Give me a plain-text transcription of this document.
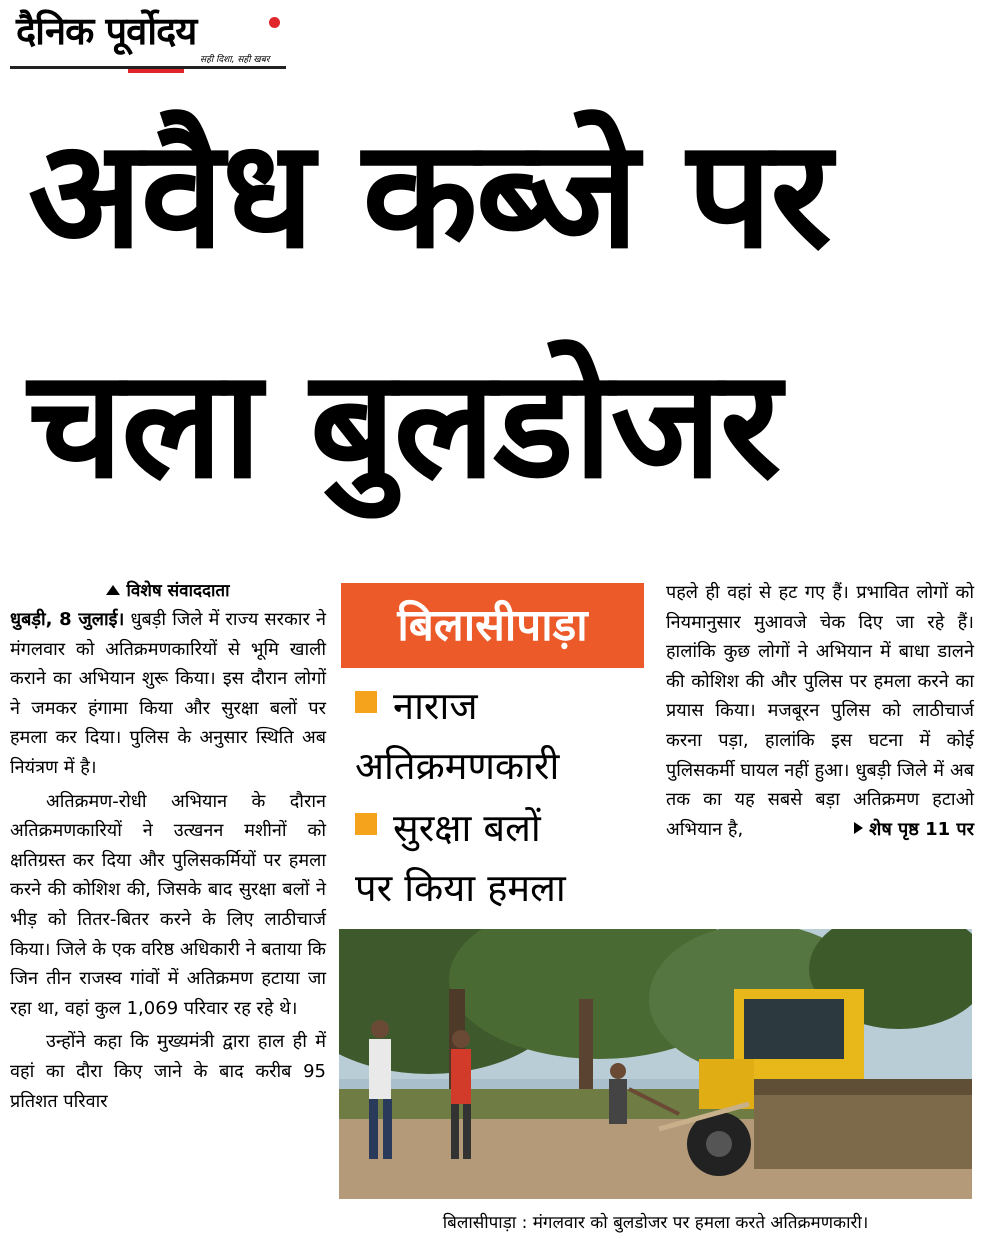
दैनिक पूर्वोदय
सही दिशा, सही खबर
अवैध कब्जे पर
चला बुलडोजर
विशेष संवाददाता

धुबड़ी, 8 जुलाई। धुबड़ी जिले में राज्य सरकार ने मंगलवार को अतिक्रमणकारियों से भूमि खाली कराने का अभियान शुरू किया। इस दौरान लोगों ने जमकर हंगामा किया और सुरक्षा बलों पर हमला कर दिया। पुलिस के अनुसार स्थिति अब नियंत्रण में है।

अतिक्रमण-रोधी अभियान के दौरान अतिक्रमणकारियों ने उत्खनन मशीनों को क्षतिग्रस्त कर दिया और पुलिसकर्मियों पर हमला करने की कोशिश की, जिसके बाद सुरक्षा बलों ने भीड़ को तितर-बितर करने के लिए लाठीचार्ज किया। जिले के एक वरिष्ठ अधिकारी ने बताया कि जिन तीन राजस्व गांवों में अतिक्रमण हटाया जा रहा था, वहां कुल 1,069 परिवार रह रहे थे।

उन्होंने कहा कि मुख्यमंत्री द्वारा हाल ही में वहां का दौरा किए जाने के बाद करीब 95 प्रतिशत परिवार

बिलासीपाड़ा
नाराज
अतिक्रमणकारी
सुरक्षा बलों
पर किया हमला

पहले ही वहां से हट गए हैं। प्रभावित लोगों को नियमानुसार मुआवजे चेक दिए जा रहे हैं। हालांकि कुछ लोगों ने अभियान में बाधा डालने की कोशिश की और पुलिस पर हमला करने का प्रयास किया। मजबूरन पुलिस को लाठीचार्ज करना पड़ा, हालांकि इस घटना में कोई पुलिसकर्मी घायल नहीं हुआ। धुबड़ी जिले में अब तक का यह सबसे बड़ा अतिक्रमण हटाओ अभियान है,	शेष पृष्ठ 11 पर

बिलासीपाड़ा : मंगलवार को बुलडोजर पर हमला करते अतिक्रमणकारी।
